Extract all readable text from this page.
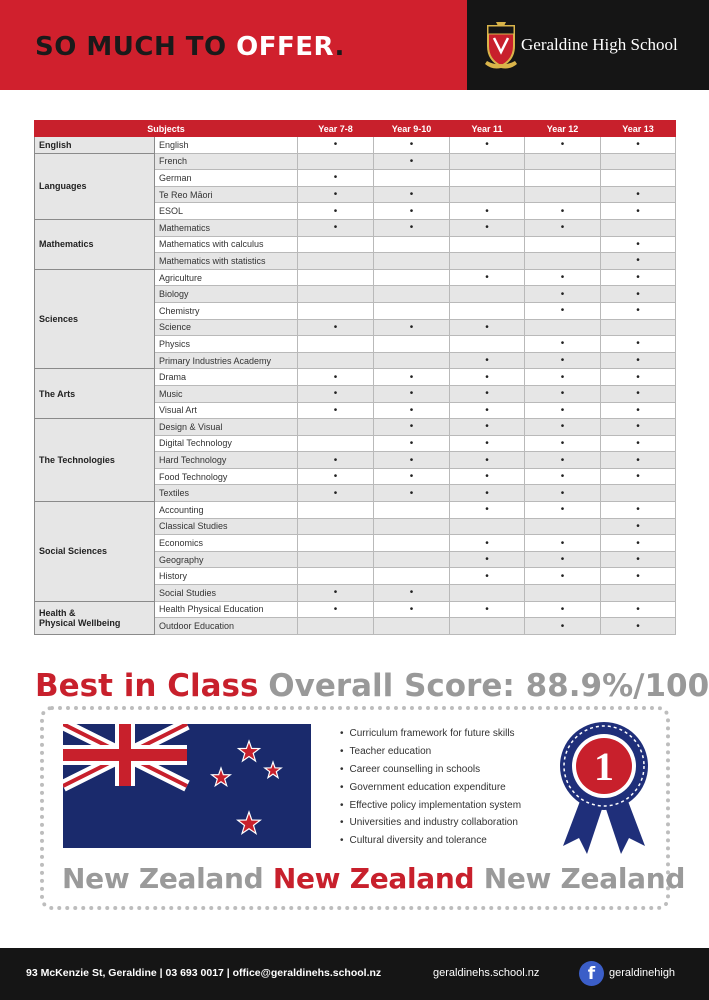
SO MUCH TO OFFER.	Geraldine High School
Subjects		Year 7-8	Year 9-10	Year 11	Year 12	Year 13
English	English	•	•	•	•	•
Languages	French		•			
	German	•				
	Te Reo Māori	•	•			•
	ESOL	•	•	•	•	•
Mathematics	Mathematics	•	•	•	•	
	Mathematics with calculus					•
	Mathematics with statistics					•
Sciences	Agriculture			•	•	•
	Biology				•	•
	Chemistry				•	•
	Science	•	•	•		
	Physics				•	•
	Primary Industries Academy			•	•	•
The Arts	Drama	•	•	•	•	•
	Music	•	•	•	•	•
	Visual Art	•	•	•	•	•
The Technologies	Design & Visual		•	•	•	•
	Digital Technology		•	•	•	•
	Hard Technology	•	•	•	•	•
	Food Technology	•	•	•	•	•
	Textiles	•	•	•	•	
Social Sciences	Accounting			•	•	•
	Classical Studies					•
	Economics			•	•	•
	Geography			•	•	•
	History			•	•	•
	Social Studies	•	•			
Health &
Physical Wellbeing	Health Physical Education	•	•	•	•	•
	Outdoor Education				•	•
Best in Class Overall Score: 88.9%/100
• Curriculum framework for future skills
• Teacher education
• Career counselling in schools
• Government education expenditure
• Effective policy implementation system
• Universities and industry collaboration
• Cultural diversity and tolerance
1
New Zealand New Zealand New Zealand
93 McKenzie St, Geraldine | 03 693 0017 | office@geraldinehs.school.nz	geraldinehs.school.nz	f	geraldinehigh
